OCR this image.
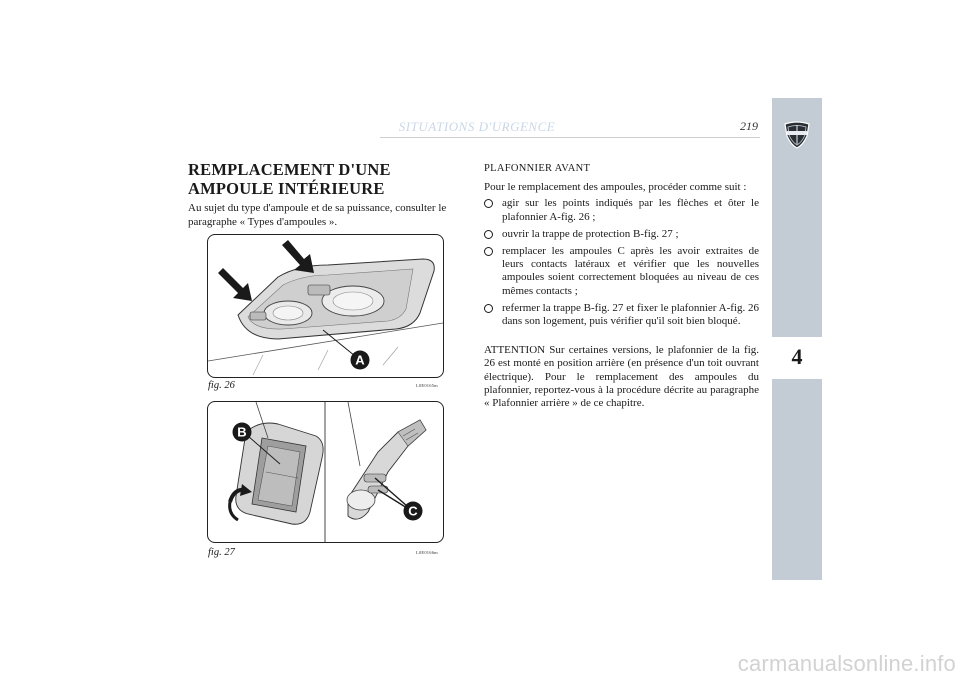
SITUATIONS D'URGENCE	219
4
REMPLACEMENT D'UNE AMPOULE INTÉRIEURE
Au sujet du type d'ampoule et de sa puissance, consulter le paragraphe « Types d'ampoules ».
A
fig. 26	L0E0165m
B
C
fig. 27	L0E0166m
PLAFONNIER AVANT
Pour le remplacement des ampoules, procéder comme suit :
agir sur les points indiqués par les flèches et ôter le plafonnier A-fig. 26 ;
ouvrir la trappe de protection B-fig. 27 ;
remplacer les ampoules C après les avoir extraites de leurs contacts latéraux et vérifier que les nouvelles ampoules soient correctement bloquées au niveau de ces mêmes contacts ;
refermer la trappe B-fig. 27 et fixer le plafonnier A-fig. 26 dans son logement, puis vérifier qu'il soit bien bloqué.
ATTENTION Sur certaines versions, le plafonnier de la fig. 26 est monté en position arrière (en présence d'un toit ouvrant électrique). Pour le remplacement des ampoules du plafonnier, reportez-vous à la procédure décrite au paragraphe « Plafonnier arrière » de ce chapitre.
carmanualsonline.info
